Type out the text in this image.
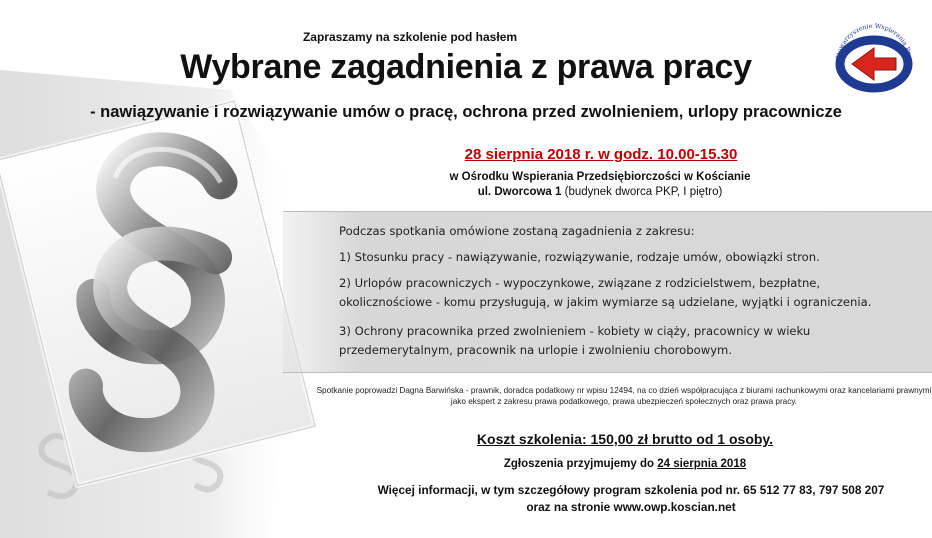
Stowarzyszenie Wspierania Prze
Zapraszamy na szkolenie pod hasłem
Wybrane zagadnienia z prawa pracy
- nawiązywanie i rozwiązywanie umów o pracę, ochrona przed zwolnieniem, urlopy pracownicze
28 sierpnia 2018 r. w godz. 10.00-15.30
w Ośrodku Wspierania Przedsiębiorczości w Kościanie
ul. Dworcowa 1 (budynek dworca PKP, I piętro)

Podczas spotkania omówione zostaną zagadnienia z zakresu:

1) Stosunku pracy - nawiązywanie, rozwiązywanie, rodzaje umów, obowiązki stron.

2) Urlopów pracowniczych - wypoczynkowe, związane z rodzicielstwem, bezpłatne, okolicznościowe - komu przysługują, w jakim wymiarze są udzielane, wyjątki i ograniczenia.

3) Ochrony pracownika przed zwolnieniem - kobiety w ciąży, pracownicy w wieku przedemerytalnym, pracownik na urlopie i zwolnieniu chorobowym.

Spotkanie poprowadzi Dagna Barwińska - prawnik, doradca podatkowy nr wpisu 12494, na co dzień współpracująca z biurami rachunkowymi oraz kancelariami prawnymi jako ekspert z zakresu prawa podatkowego, prawa ubezpieczeń społecznych oraz prawa pracy.
Koszt szkolenia: 150,00 zł brutto od 1 osoby.
Zgłoszenia przyjmujemy do 24 sierpnia 2018
Więcej informacji, w tym szczegółowy program szkolenia pod nr. 65 512 77 83, 797 508 207
oraz na stronie www.owp.koscian.net
